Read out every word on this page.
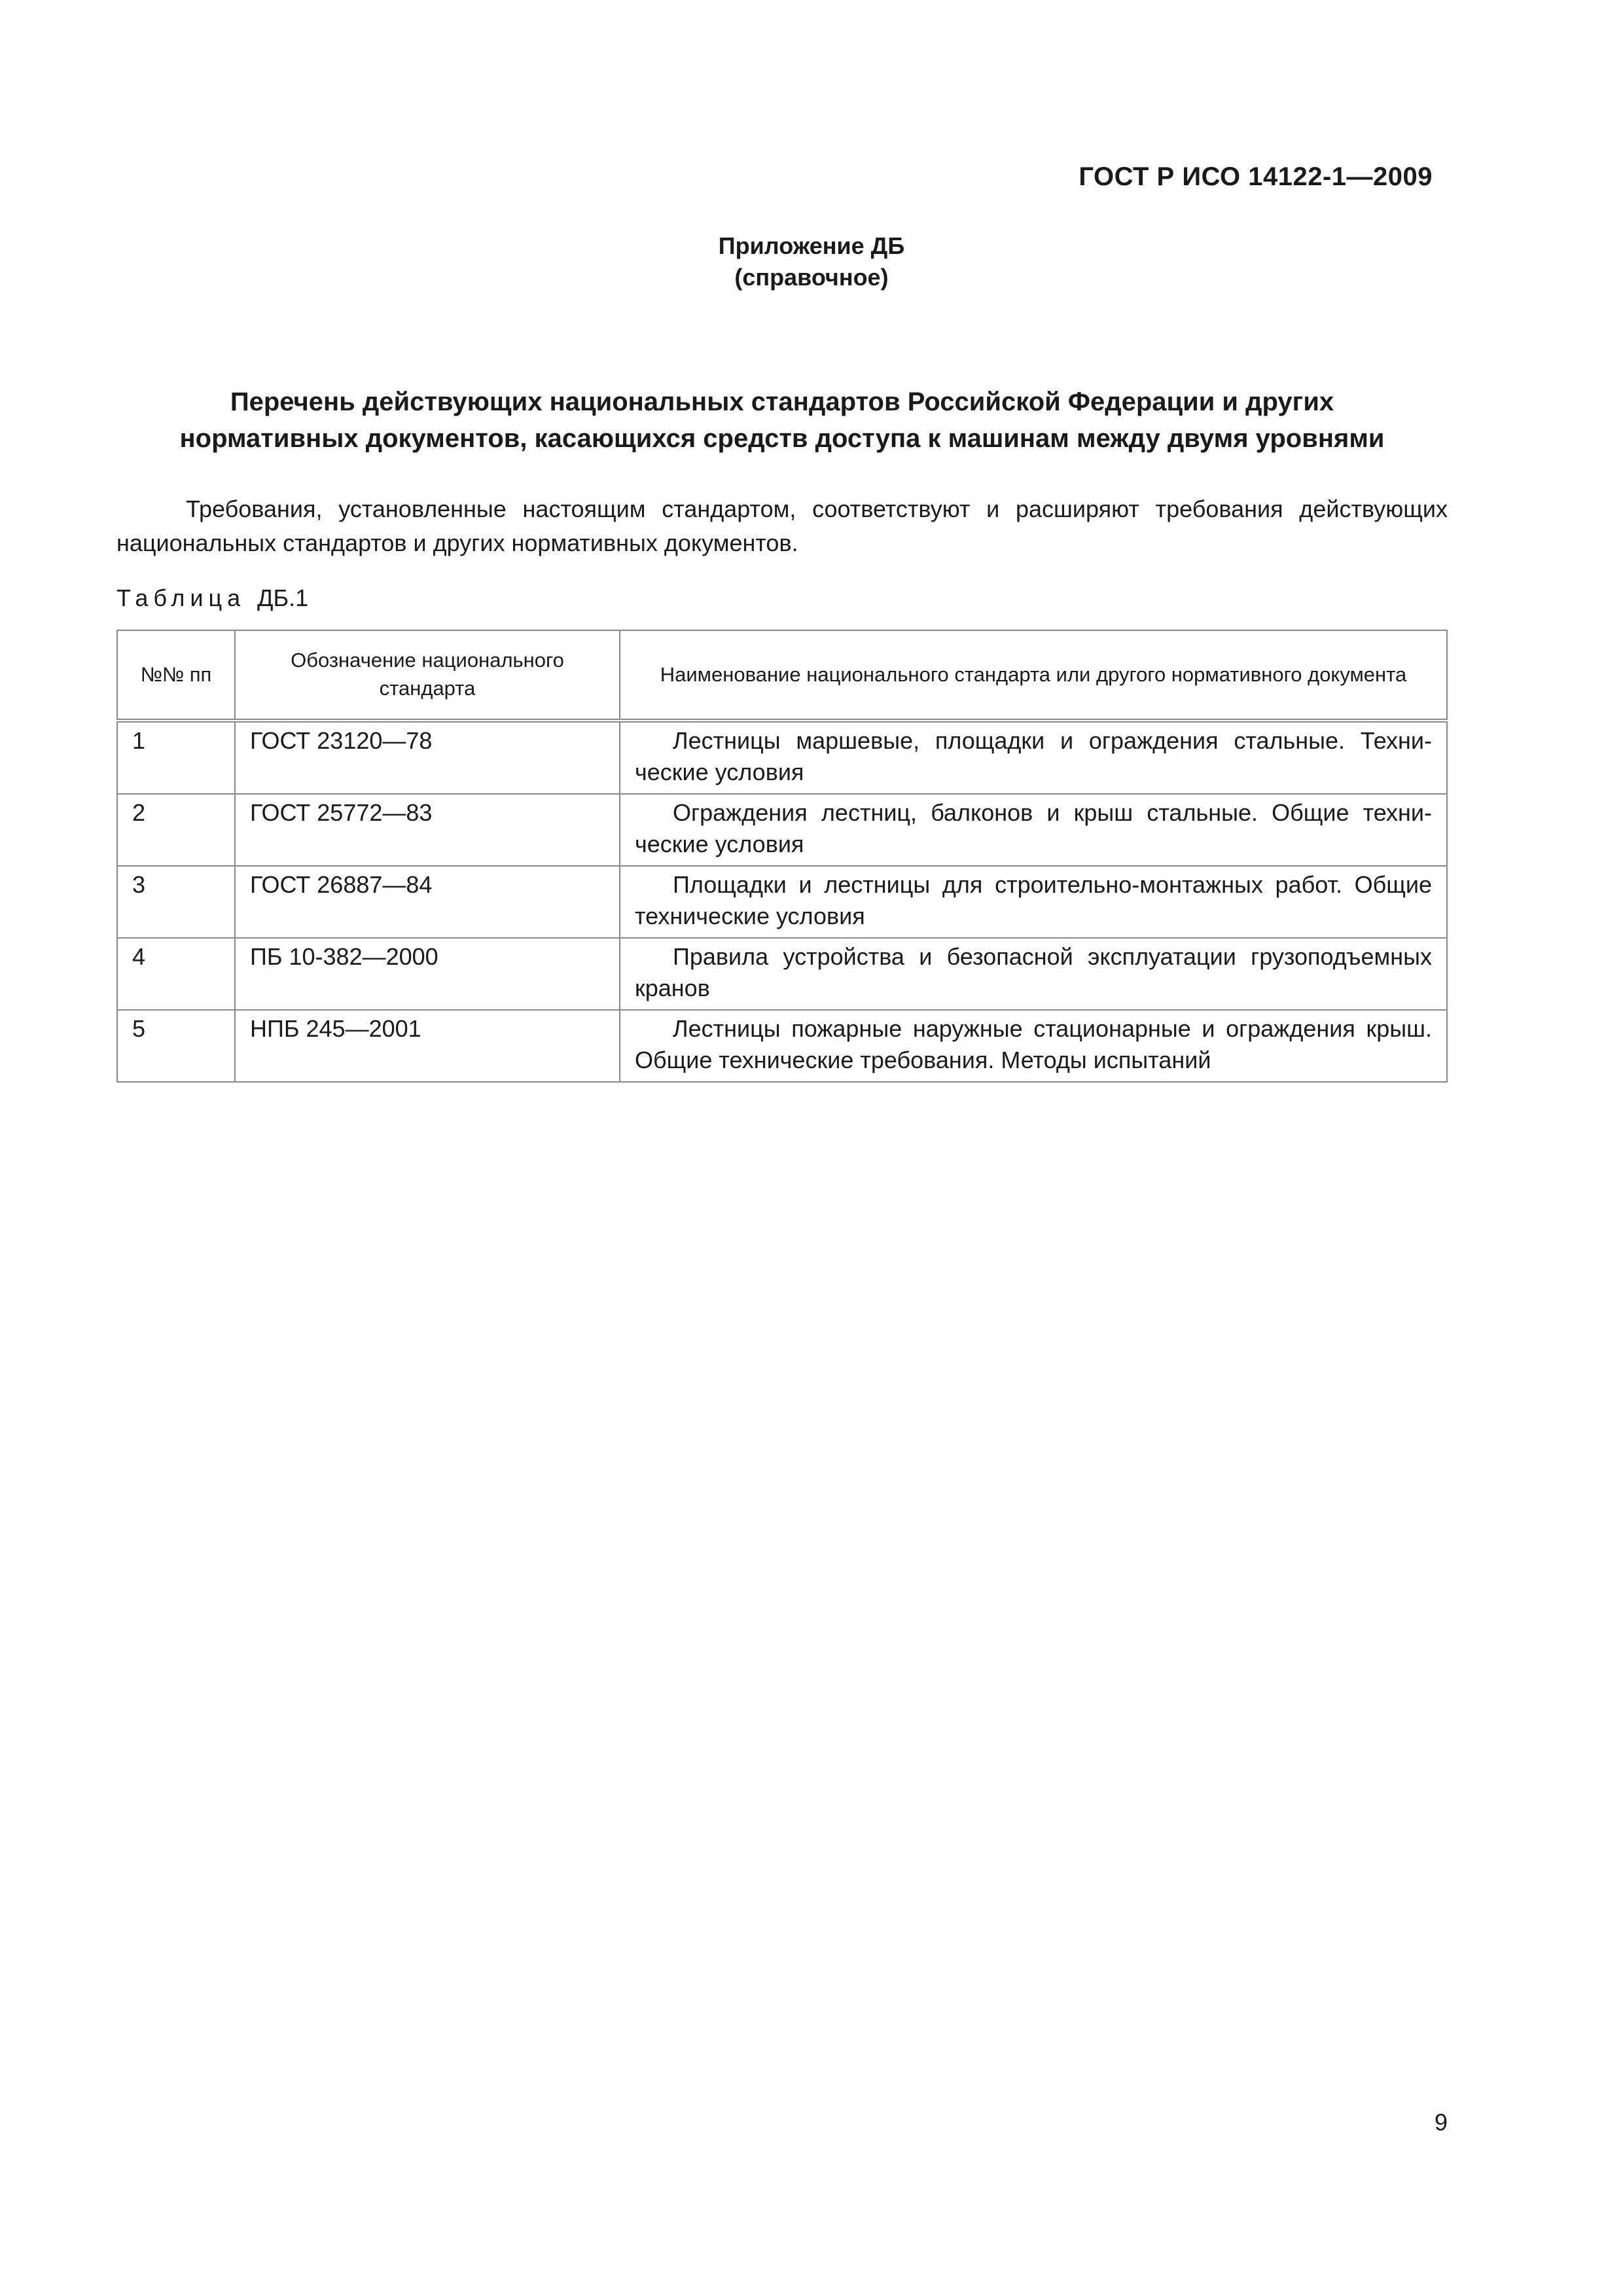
ГОСТ Р ИСО 14122-1—2009
Приложение ДБ
(справочное)
Перечень действующих национальных стандартов Российской Федерации и других
нормативных документов, касающихся средств доступа к машинам между двумя уровнями
Требования, установленные настоящим стандартом, соответствуют и расширяют требования действующих национальных стандартов и других нормативных документов.
Таблица ДБ.1
№№ пп	Обозначение национального стандарта	Наименование национального стандарта или другого нормативного документа
1	ГОСТ 23120—78	Лестницы маршевые, площадки и ограждения стальные. Технические условия
2	ГОСТ 25772—83	Ограждения лестниц, балконов и крыш стальные. Общие технические условия
3	ГОСТ 26887—84	Площадки и лестницы для строительно-монтажных работ. Общие технические условия
4	ПБ 10-382—2000	Правила устройства и безопасной эксплуатации грузоподъемных кранов
5	НПБ 245—2001	Лестницы пожарные наружные стационарные и ограждения крыш. Общие технические требования. Методы испытаний
9
